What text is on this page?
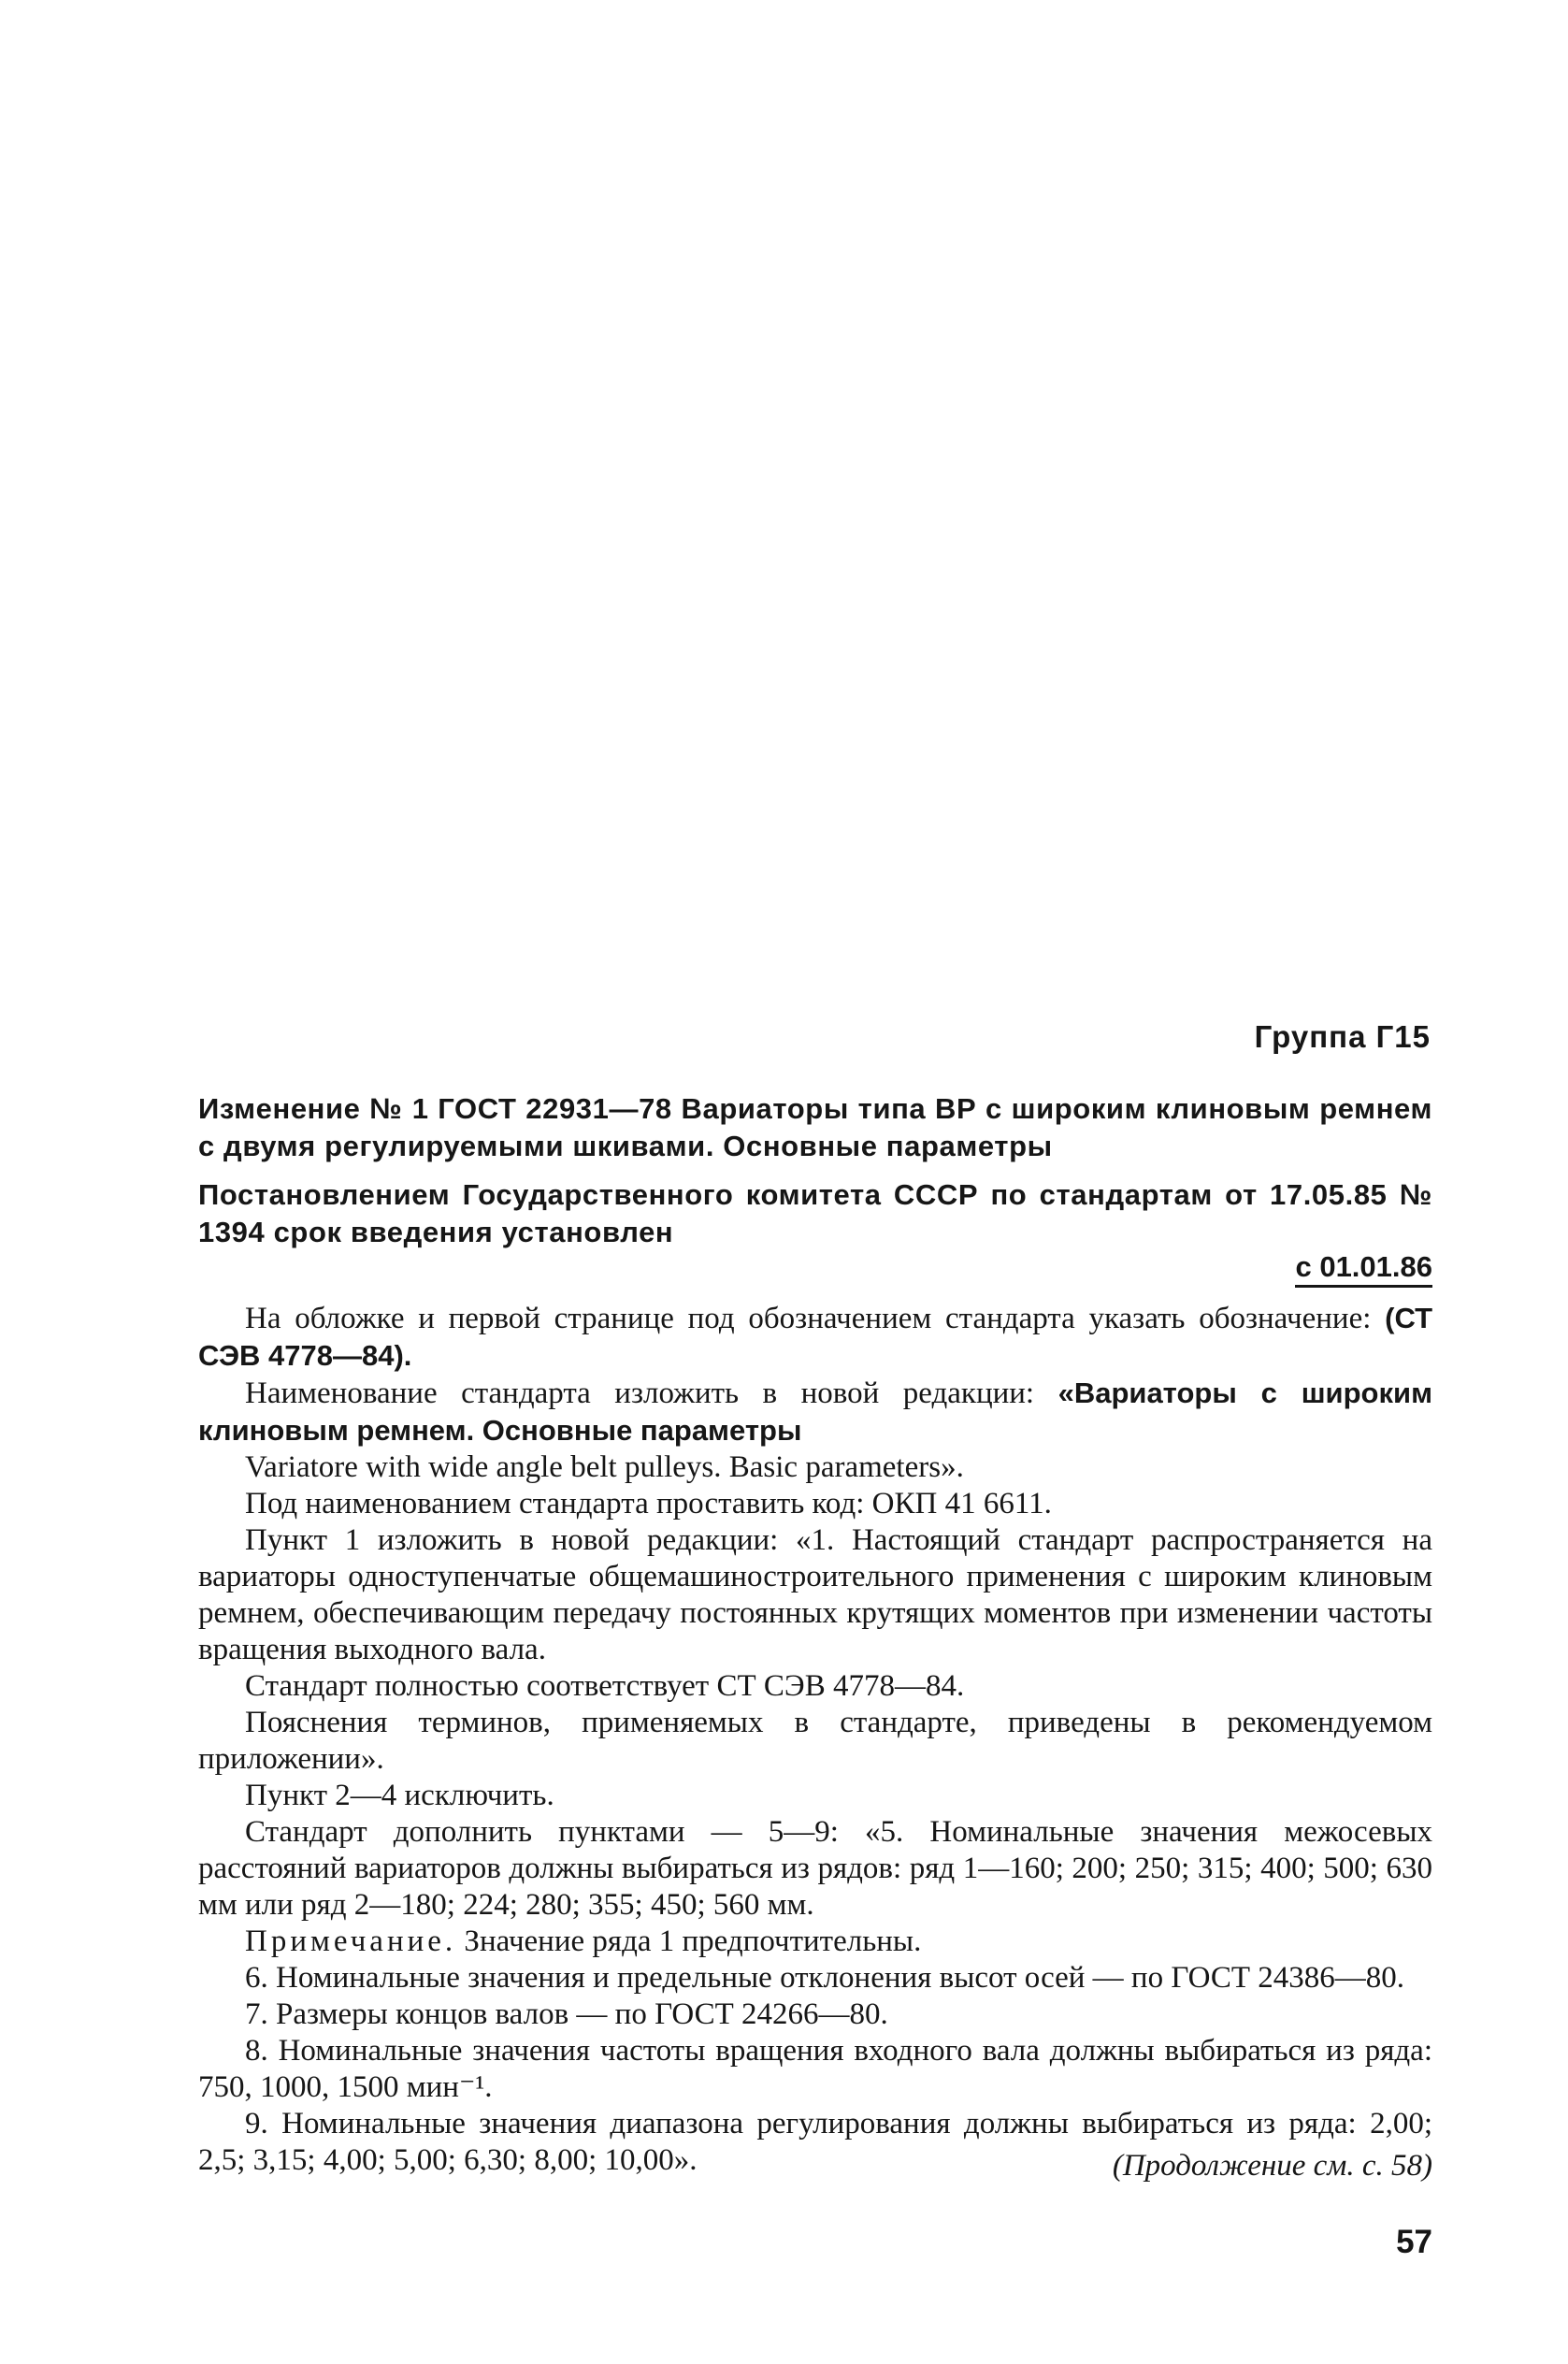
Группа Г15
Изменение № 1 ГОСТ 22931—78 Вариаторы типа ВР с широким клиновым ремнем с двумя регулируемыми шкивами. Основные параметры
Постановлением Государственного комитета СССР по стандартам от 17.05.85 № 1394 срок введения установлен
с 01.01.86

На обложке и первой странице под обозначением стандарта указать обозначение: (СТ СЭВ 4778—84).

Наименование стандарта изложить в новой редакции: «Вариаторы с широким клиновым ремнем. Основные параметры

Variatore with wide angle belt pulleys. Basic parameters».

Под наименованием стандарта проставить код: ОКП 41 6611.

Пункт 1 изложить в новой редакции: «1. Настоящий стандарт распространяется на вариаторы одноступенчатые общемашиностроительного применения с широким клиновым ремнем, обеспечивающим передачу постоянных крутящих моментов при изменении частоты вращения выходного вала.

Стандарт полностью соответствует СТ СЭВ 4778—84.

Пояснения терминов, применяемых в стандарте, приведены в рекомендуемом приложении».

Пункт 2—4 исключить.

Стандарт дополнить пунктами — 5—9: «5. Номинальные значения межосевых расстояний вариаторов должны выбираться из рядов: ряд 1—160; 200; 250; 315; 400; 500; 630 мм или ряд 2—180; 224; 280; 355; 450; 560 мм.

Примечание. Значение ряда 1 предпочтительны.

6. Номинальные значения и предельные отклонения высот осей — по ГОСТ 24386—80.

7. Размеры концов валов — по ГОСТ 24266—80.

8. Номинальные значения частоты вращения входного вала должны выбираться из ряда: 750, 1000, 1500 мин⁻¹.

9. Номинальные значения диапазона регулирования должны выбираться из ряда: 2,00; 2,5; 3,15; 4,00; 5,00; 6,30; 8,00; 10,00».	(Продолжение см. с. 58)
57
